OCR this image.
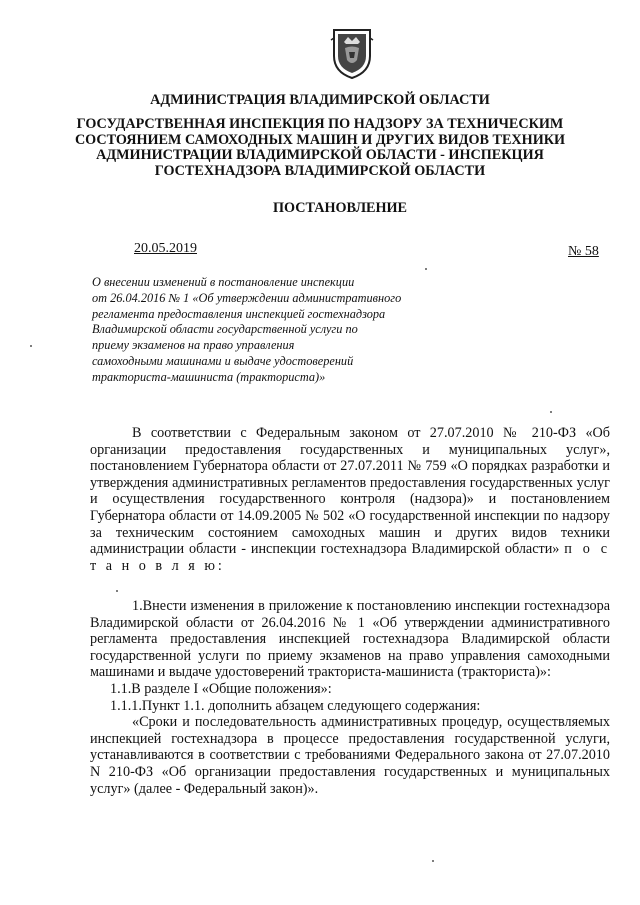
АДМИНИСТРАЦИЯ ВЛАДИМИРСКОЙ ОБЛАСТИ
ГОСУДАРСТВЕННАЯ ИНСПЕКЦИЯ ПО НАДЗОРУ ЗА ТЕХНИЧЕСКИМ
СОСТОЯНИЕМ САМОХОДНЫХ МАШИН И ДРУГИХ ВИДОВ ТЕХНИКИ
АДМИНИСТРАЦИИ ВЛАДИМИРСКОЙ ОБЛАСТИ - ИНСПЕКЦИЯ
ГОСТЕХНАДЗОРА ВЛАДИМИРСКОЙ ОБЛАСТИ
ПОСТАНОВЛЕНИЕ
20.05.2019	№ 58
О внесении изменений в постановление инспекции
от 26.04.2016 № 1 «Об утверждении административного
регламента предоставления инспекцией гостехнадзора
Владимирской области государственной услуги по
приему экзаменов на право управления
самоходными машинами и выдаче удостоверений
тракториста-машиниста (тракториста)»

В соответствии с Федеральным законом от 27.07.2010 № 210-ФЗ «Об организации предоставления государственных и муниципальных услуг», постановлением Губернатора области от 27.07.2011 № 759 «О порядках разработки и утверждения административных регламентов предоставления государственных услуг и осуществления государственного контроля (надзора)» и постановлением Губернатора области от 14.09.2005 № 502 «О государственной инспекции по надзору за техническим состоянием самоходных машин и других видов техники администрации области - инспекции гостехнадзора Владимирской области» п о с т а н о в л я ю:

1.Внести изменения в приложение к постановлению инспекции гостехнадзора Владимирской области от 26.04.2016 № 1 «Об утверждении административного регламента предоставления инспекцией гостехнадзора Владимирской области государственной услуги по приему экзаменов на право управления самоходными машинами и выдаче удостоверений тракториста-машиниста (тракториста)»:

1.1.В разделе I «Общие положения»:

1.1.1.Пункт 1.1. дополнить абзацем следующего содержания:

«Сроки и последовательность административных процедур, осуществляемых инспекцией гостехнадзора в процессе предоставления государственной услуги, устанавливаются в соответствии с требованиями Федерального закона от 27.07.2010 N 210-ФЗ «Об организации предоставления государственных и муниципальных услуг» (далее - Федеральный закон)».
